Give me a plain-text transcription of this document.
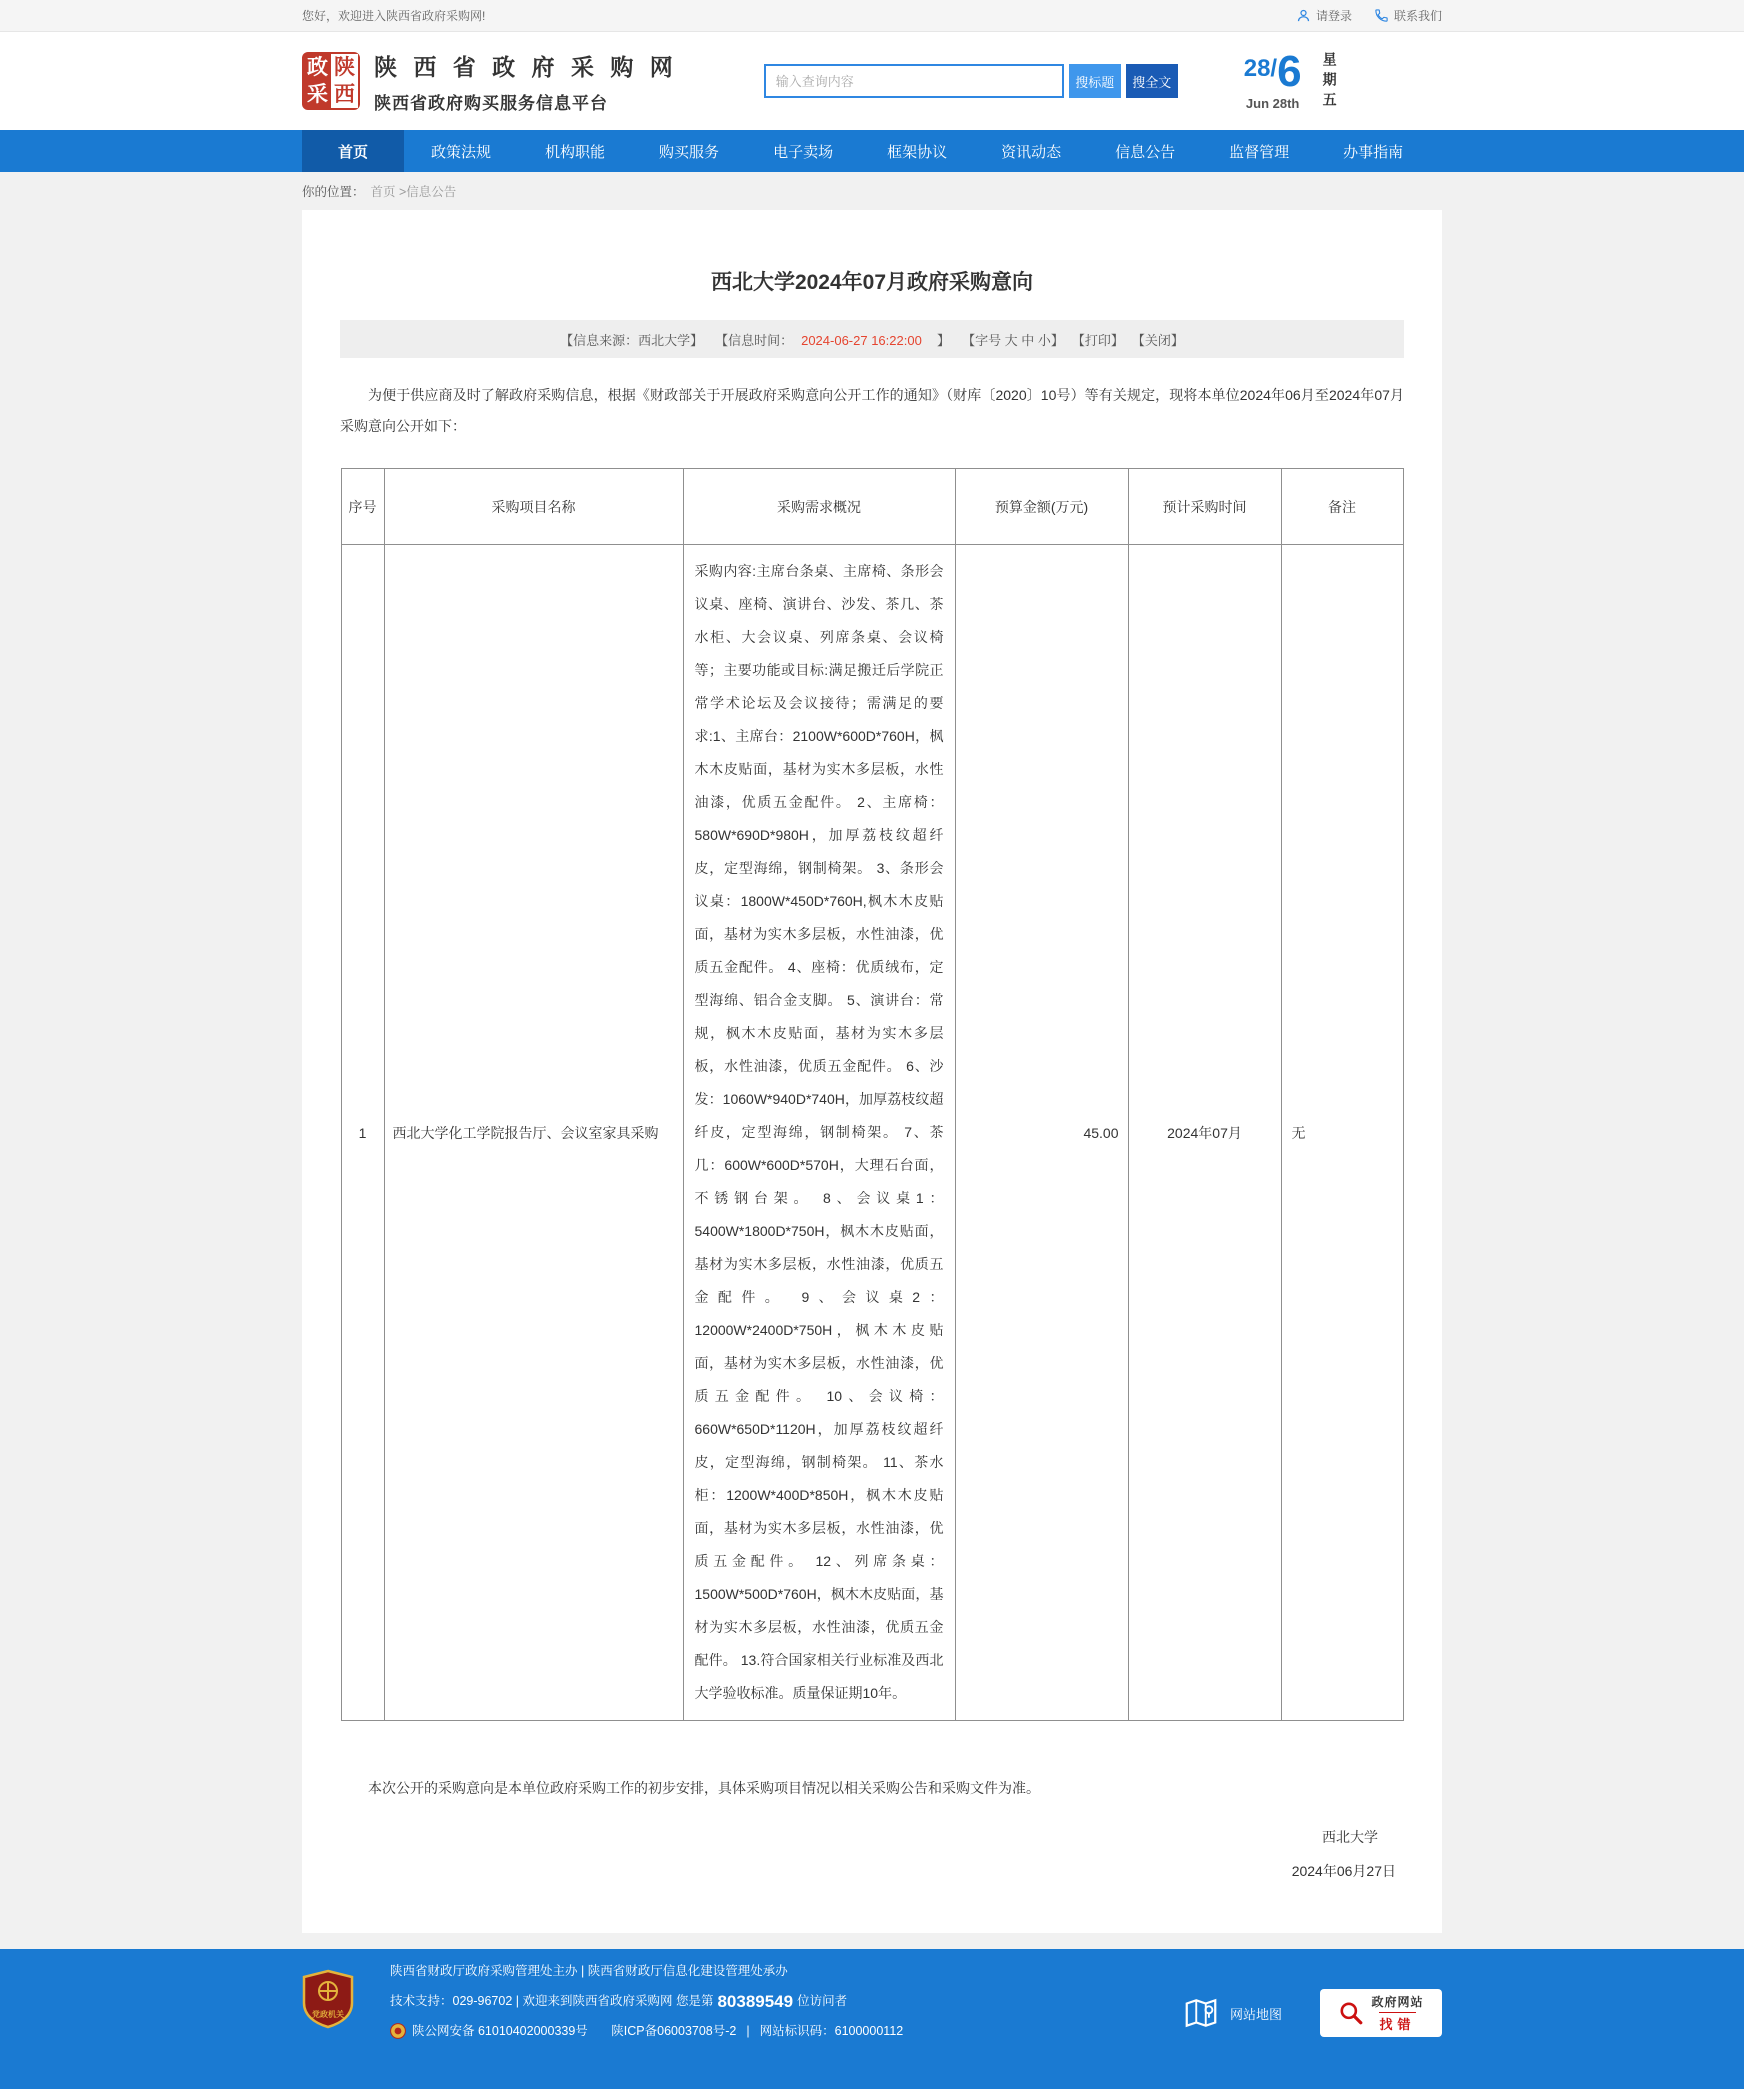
您好，欢迎进入陕西省政府采购网!	请登录	联系我们
政
采
陕
西
陕 西 省 政 府 采 购 网
陕西省政府购买服务信息平台
输入查询内容
搜标题	搜全文	28/6
Jun 28th 星期五
首页	政策法规	机构职能	购买服务	电子卖场	框架协议	资讯动态	信息公告	监督管理	办事指南
你的位置： 首页 >信息公告
西北大学2024年07月政府采购意向
【信息来源：西北大学】 【信息时间： 2024-06-27 16:22:00 】 【字号 大 中 小】 【打印】 【关闭】

为便于供应商及时了解政府采购信息，根据《财政部关于开展政府采购意向公开工作的通知》（财库〔2020〕10号）等有关规定，现将本单位2024年06月至2024年07月采购意向公开如下：

序号	采购项目名称	采购需求概况	预算金额(万元)	预计采购时间	备注
1	西北大学化工学院报告厅、会议室家具采购	采购内容:主席台条桌、主席椅、条形会议桌、座椅、演讲台、沙发、茶几、茶水柜、大会议桌、列席条桌、会议椅等；主要功能或目标:满足搬迁后学院正常学术论坛及会议接待；需满足的要求:1、主席台：2100W*600D*760H，枫木木皮贴面，基材为实木多层板，水性油漆，优质五金配件。 2、主席椅：580W*690D*980H，加厚荔枝纹超纤皮，定型海绵，钢制椅架。 3、条形会议桌：1800W*450D*760H,枫木木皮贴面，基材为实木多层板，水性油漆，优质五金配件。 4、座椅：优质绒布，定型海绵、铝合金支脚。 5、演讲台：常规，枫木木皮贴面，基材为实木多层板，水性油漆，优质五金配件。 6、沙发：1060W*940D*740H，加厚荔枝纹超纤皮，定型海绵，钢制椅架。 7、茶几：600W*600D*570H，大理石台面，不锈钢台架。 8、会议桌1：5400W*1800D*750H，枫木木皮贴面，基材为实木多层板，水性油漆，优质五金配件。 9、会议桌2：12000W*2400D*750H，枫木木皮贴面，基材为实木多层板，水性油漆，优质五金配件。 10、会议椅：660W*650D*1120H，加厚荔枝纹超纤皮，定型海绵，钢制椅架。 11、茶水柜：1200W*400D*850H，枫木木皮贴面，基材为实木多层板，水性油漆，优质五金配件。 12、列席条桌：1500W*500D*760H，枫木木皮贴面，基材为实木多层板，水性油漆，优质五金配件。 13.符合国家相关行业标准及西北大学验收标准。质量保证期10年。	45.00	2024年07月	无

本次公开的采购意向是本单位政府采购工作的初步安排，具体采购项目情况以相关采购公告和采购文件为准。

西北大学
2024年06月27日
党政机关
陕西省财政厅政府采购管理处主办 | 陕西省财政厅信息化建设管理处承办
技术支持：029-96702 | 欢迎来到陕西省政府采购网 您是第 80389549 位访问者
陕公网安备 61010402000339号
陕ICP备06003708号-2 | 网站标识码：6100000112
网站地图
政府网站
找错
